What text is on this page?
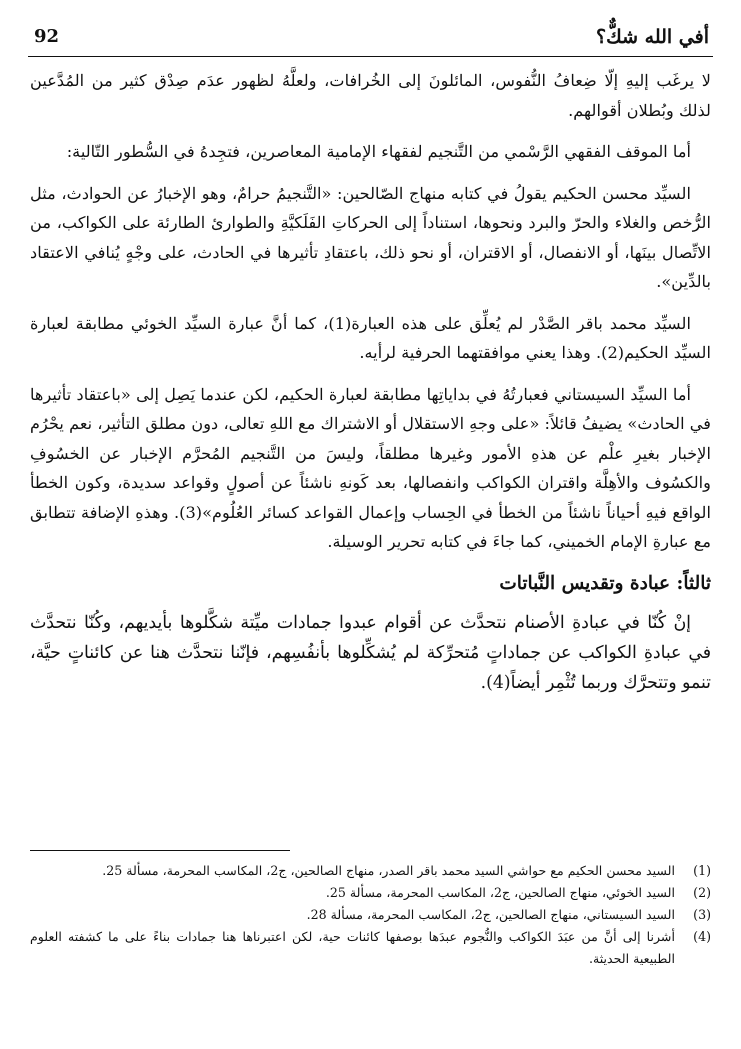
أفي الله شكٌّ؟
92

لا يرغَب إليهِ إلّا ضِعافُ النُّفوس، المائلونَ إلى الخُرافات، ولعلَّهُ لظهور عدَم صِدْق كثير من المُدَّعين لذلك وبُطلان أقوالهم.

أما الموقف الفقهي الرَّسْمي من التَّنجيم لفقهاء الإمامية المعاصرين، فتجِدهُ في السُّطور التّالية:

السيِّد محسن الحكيم يقولُ في كتابه منهاج الصّالحين: «التَّنجيمُ حرامٌ، وهو الإخبارُ عن الحوادث، مثل الرُّخص والغلاء والحرّ والبرد ونحوها، استناداً إلى الحركاتِ الفَلَكيَّةِ والطوارئ الطارئة على الكواكب، من الاتِّصال بينَها، أو الانفصال، أو الاقتران، أو نحو ذلك، باعتقادِ تأثيرها في الحادث، على وجْهٍ يُنافي الاعتقاد بالدِّين».

السيِّد محمد باقر الصَّدْر لم يُعلِّق على هذه العبارة(1)، كما أنَّ عبارة السيِّد الخوئي مطابقة لعبارة السيِّد الحكيم(2). وهذا يعني موافقتهما الحرفية لرأيه.

أما السيِّد السيستاني فعبارتُهُ في بداياتِها مطابقة لعبارة الحكيم، لكن عندما يَصِل إلى «باعتقاد تأثيرها في الحادث» يضيفُ قائلاً: «على وجهِ الاستقلال أو الاشتراك مع اللهِ تعالى، دون مطلق التأثير، نعم يحْرُم الإخبار بغيرِ علْم عن هذهِ الأمور وغيرها مطلقاً، وليسَ من التَّنجيم المُحرَّم الإخبار عن الخسُوفِ والكسُوف والأهِلَّة واقتران الكواكب وانفصالها، بعد كَونهِ ناشئاً عن أصولٍ وقواعد سديدة، وكون الخطأ الواقع فيهِ أحياناً ناشئاً من الخطأ في الحِساب وإعمال القواعد كسائر العُلُوم»(3). وهذهِ الإضافة تتطابق مع عبارةِ الإمام الخميني، كما جاءَ في كتابه تحرير الوسيلة.

ثالثاً: عبادة وتقديس النَّباتات

إنْ كُنّا في عبادةِ الأصنام نتحدَّث عن أقوام عبدوا جمادات ميِّتة شكَّلوها بأيديهم، وكُنّا نتحدَّث في عبادةِ الكواكب عن جماداتٍ مُتحرِّكة لم يُشكِّلوها بأنفُسِهم، فإنّنا نتحدَّث هنا عن كائناتٍ حيَّة، تنمو وتتحرَّك وربما تُثْمِر أيضاً(4).

(1)
السيد محسن الحكيم مع حواشي السيد محمد باقر الصدر، منهاج الصالحين، ج2، المكاسب المحرمة، مسألة 25.
(2)
السيد الخوئي، منهاج الصالحين، ج2، المكاسب المحرمة، مسألة 25.
(3)
السيد السيستاني، منهاج الصالحين، ج2، المكاسب المحرمة، مسألة 28.
(4)
أشرنا إلى أنَّ من عبَدَ الكواكب والنُّجوم عبدَها بوصفها كائنات حية، لكن اعتبرناها هنا جمادات بناءً على ما كشفته العلوم الطبيعية الحديثة.
